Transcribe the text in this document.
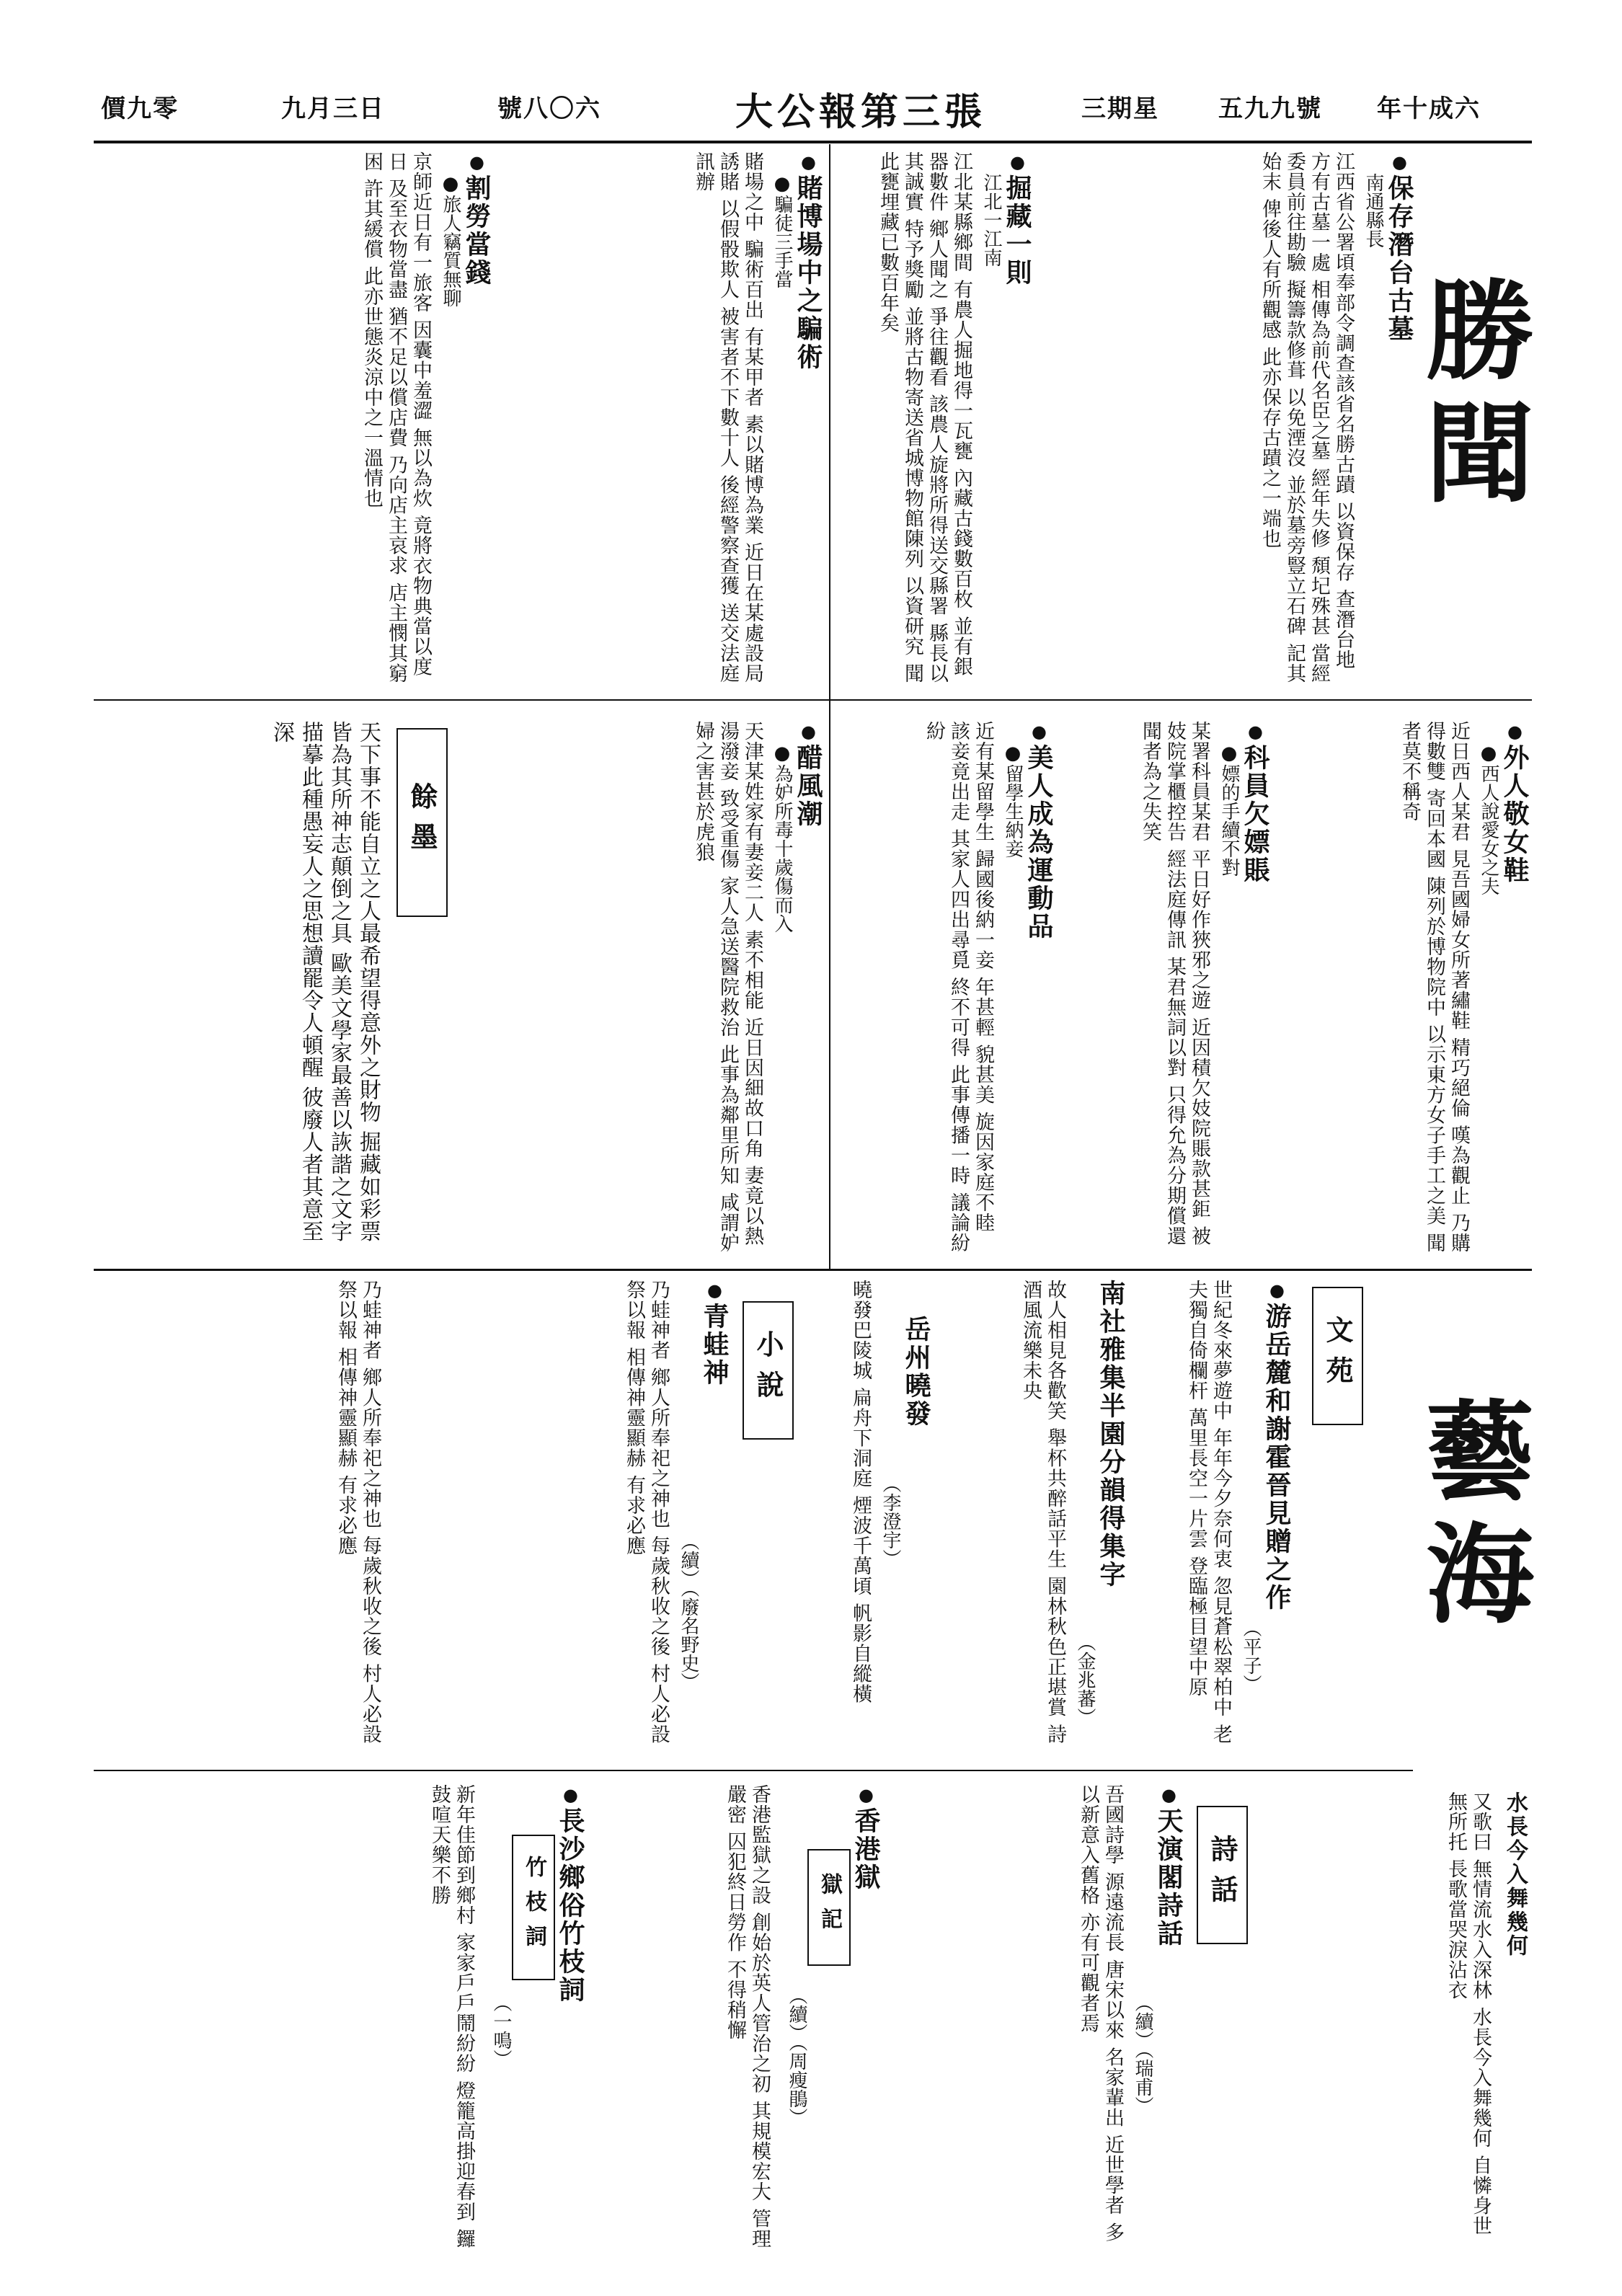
價九零	九月三日	號八〇六	大公報第三張	三期星 五九九號 年十成六
勝聞
● 保存潛台古墓
南通縣長
江西省公署頃奉部令調查該省名勝古蹟 以資保存 查潛台地方有古墓一處 相傳為前代名臣之墓 經年失修 頹圮殊甚 當經委員前往勘驗 擬籌款修葺 以免湮沒 並於墓旁豎立石碑 記其始末 俾後人有所觀感 此亦保存古蹟之一端也
● 掘藏一則
江北一江南
江北某縣鄉間 有農人掘地得一瓦甕 內藏古錢數百枚 並有銀器數件 鄉人聞之 爭往觀看 該農人旋將所得送交縣署 縣長以其誠實 特予獎勵 並將古物寄送省城博物館陳列 以資研究 聞此甕埋藏已數百年矣
● 賭博場中之騙術
●騙徒三手當
賭場之中 騙術百出 有某甲者 素以賭博為業 近日在某處設局誘賭 以假骰欺人 被害者不下數十人 後經警察查獲 送交法庭訊辦
● 割勞當錢
●旅人竊質無聊
京師近日有一旅客 因囊中羞澀 無以為炊 竟將衣物典當以度日 及至衣物當盡 猶不足以償店費 乃向店主哀求 店主憫其窮困 許其緩償 此亦世態炎涼中之一溫情也
● 外人敬女鞋
●西人說愛女之夫
近日西人某君 見吾國婦女所著繡鞋 精巧絕倫 嘆為觀止 乃購得數雙 寄回本國 陳列於博物院中 以示東方女子手工之美 聞者莫不稱奇
● 科員欠嫖賬
●嫖的手續不對
某署科員某君 平日好作狹邪之遊 近因積欠妓院賬款甚鉅 被妓院掌櫃控告 經法庭傳訊 某君無詞以對 只得允為分期償還 聞者為之失笑
● 美人成為運動品
●留學生納妾
近有某留學生 歸國後納一妾 年甚輕 貌甚美 旋因家庭不睦 該妾竟出走 其家人四出尋覓 終不可得 此事傳播一時 議論紛紛
● 醋風潮
●為妒所毒十歲傷而入
天津某姓家有妻妾二人 素不相能 近日因細故口角 妻竟以熱湯潑妾 致受重傷 家人急送醫院救治 此事為鄰里所知 咸謂妒婦之害甚於虎狼
餘墨
天下事不能自立之人最希望得意外之財物 掘藏如彩票皆為其所神志顛倒之具 歐美文學家最善以詼諧之文字描摹此種愚妄人之思想讀罷令人頓醒 彼廢人者其意至深
藝海
文苑
● 游岳麓和謝霍晉見贈之作
（平子）
世紀冬來夢遊中 年年今夕奈何衷 忽見蒼松翠柏中 老夫獨自倚欄杆 萬里長空一片雲 登臨極目望中原
南社雅集半園分韻得集字
（金兆蕃）
故人相見各歡笑 舉杯共醉話平生 園林秋色正堪賞 詩酒風流樂未央
岳州曉發
（李澄宇）
曉發巴陵城 扁舟下洞庭 煙波千萬頃 帆影自縱橫
小說
● 青蛙神
（續）（廢名野史）
乃蛙神者 鄉人所奉祀之神也 每歲秋收之後 村人必設祭以報 相傳神靈顯赫 有求必應
水長今入舞幾何
又歌曰 無情流水入深林 水長今入舞幾何 自憐身世無所托 長歌當哭淚沾衣
乃蛙神者 鄉人所奉祀之神也 每歲秋收之後 村人必設祭以報 相傳神靈顯赫 有求必應
詩話
● 天演閣詩話
（續）（瑞甫）
吾國詩學 源遠流長 唐宋以來 名家輩出 近世學者 多以新意入舊格 亦有可觀者焉
● 香港獄
獄記
（續）（周瘦鵑）
香港監獄之設 創始於英人管治之初 其規模宏大 管理嚴密 囚犯終日勞作 不得稍懈
● 長沙鄉俗竹枝詞
竹枝詞
（一鳴）
新年佳節到鄉村 家家戶戶鬧紛紛 燈籠高掛迎春到 鑼鼓喧天樂不勝
